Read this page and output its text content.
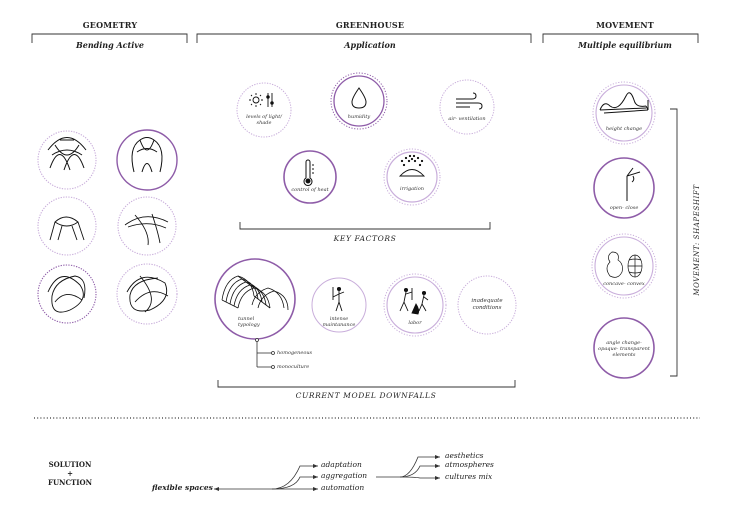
GEOMETRY	GREENHOUSE	MOVEMENT
Bending Active	Application	Multiple equilibrium
levels of light/ shade
humidity	air- ventilation
control of heat	irrigation
KEY FACTORS
tunnel typology
intense maintanance	labor
inadequate conditions
homogeneous
monoculture
CURRENT MODEL DOWNFALLS
height change
open- close
concave- convex
angle change- opaque- transparent elements
MOVEMENT: SHAPESHIFT
SOLUTION
+
FUNCTION
flexible spaces
adaptation
aggregation
automation
aesthetics
atmospheres
cultures mix
